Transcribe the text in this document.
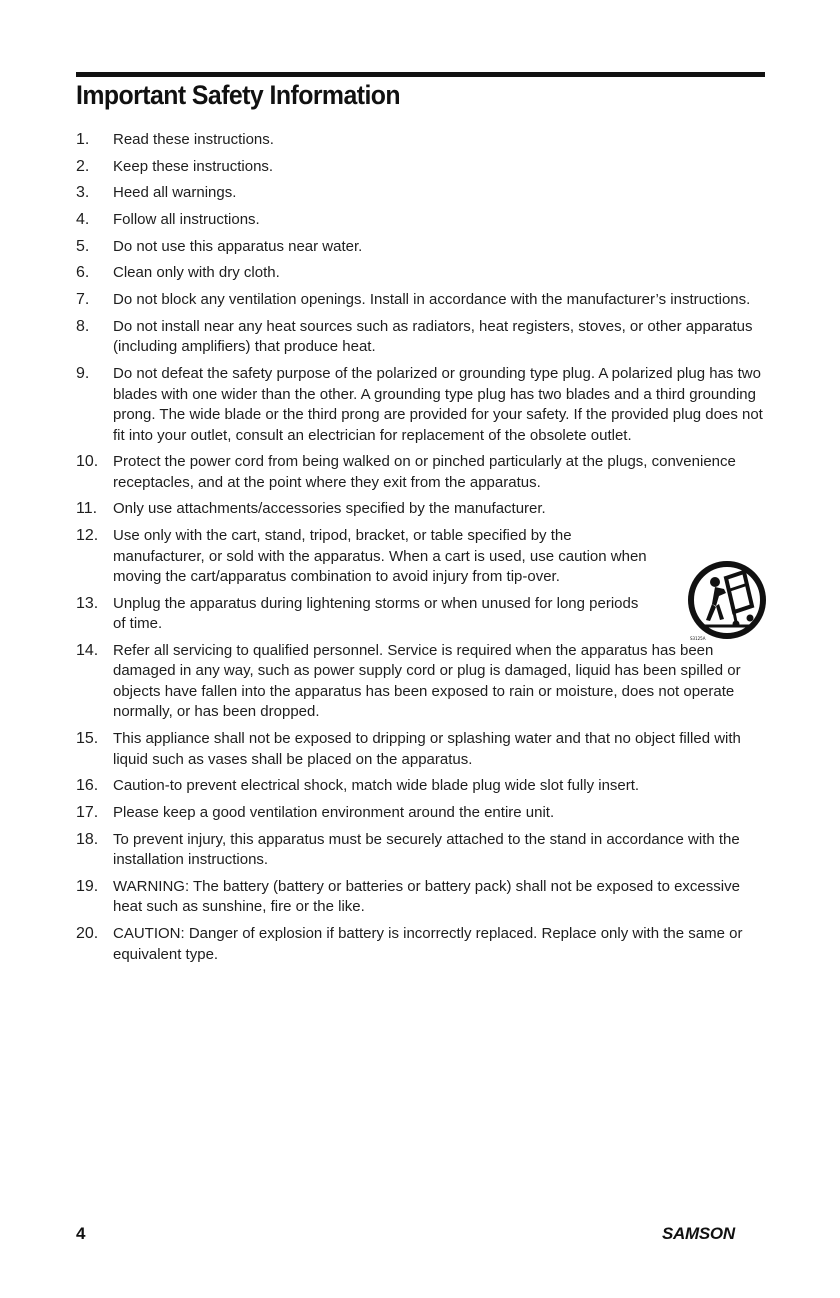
Important Safety Information
1.	Read these instructions.
2.	Keep these instructions.
3.	Heed all warnings.
4.	Follow all instructions.
5.	Do not use this apparatus near water.
6.	Clean only with dry cloth.
7.	Do not block any ventilation openings. Install in accordance with the manufacturer’s instructions.
8.	Do not install near any heat sources such as radiators, heat registers, stoves, or other apparatus (including amplifiers) that produce heat.
9.	Do not defeat the safety purpose of the polarized or grounding type plug. A polarized plug has two blades with one wider than the other. A grounding type plug has two blades and a third grounding prong. The wide blade or the third prong are provided for your safety. If the provided plug does not fit into your outlet, consult an electrician for replacement of the obsolete outlet.
10. Protect the power cord from being walked on or pinched particularly at the plugs, convenience receptacles, and at the point where they exit from the apparatus.
11.	Only use attachments/accessories specified by the manufacturer.
12. Use only with the cart, stand, tripod, bracket, or table specified by the manufacturer, or sold with the apparatus. When a cart is used, use caution when moving the cart/apparatus combination to avoid injury from tip-over.
13. Unplug the apparatus during lightening storms or when unused for long periods of time.
14. Refer all servicing to qualified personnel. Service is required when the apparatus has been damaged in any way, such as power supply cord or plug is damaged, liquid has been spilled or objects have fallen into the apparatus has been exposed to rain or moisture, does not operate normally, or has been dropped.
15. This appliance shall not be exposed to dripping or splashing water and that no object filled with liquid such as vases shall be placed on the apparatus.
16. Caution-to prevent electrical shock, match wide blade plug wide slot fully insert.
17. Please keep a good ventilation environment around the entire unit.
18. To prevent injury, this apparatus must be securely attached to the stand in accordance with the installation instructions.
19. WARNING: The battery (battery or batteries or battery pack) shall not be exposed to excessive heat such as sunshine, fire or the like.
20. CAUTION: Danger of explosion if battery is incorrectly replaced. Replace only with the same or equivalent type.
S3125A
4	SAMSON
